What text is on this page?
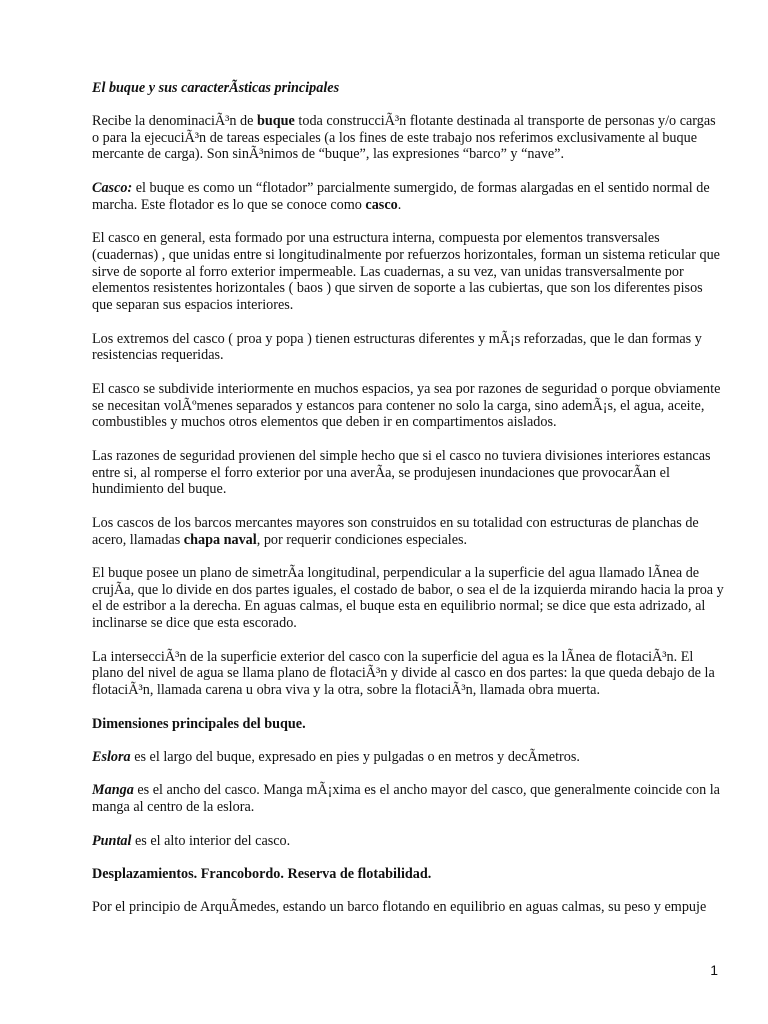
El buque y sus caracterÃsticas principales

Recibe la denominaciÃ³n de buque toda construcciÃ³n flotante destinada al transporte de personas y/o cargas o para la ejecuciÃ³n de tareas especiales (a los fines de este trabajo nos referimos exclusivamente al buque mercante de carga). Son sinÃ³nimos de “buque”, las expresiones “barco” y “nave”.

Casco: el buque es como un “flotador” parcialmente sumergido, de formas alargadas en el sentido normal de marcha. Este flotador es lo que se conoce como casco.

El casco en general, esta formado por una estructura interna, compuesta por elementos transversales (cuadernas) , que unidas entre si longitudinalmente por refuerzos horizontales, forman un sistema reticular que sirve de soporte al forro exterior impermeable. Las cuadernas, a su vez, van unidas transversalmente por elementos resistentes horizontales ( baos ) que sirven de soporte a las cubiertas, que son los diferentes pisos que separan sus espacios interiores.

Los extremos del casco ( proa y popa ) tienen estructuras diferentes y mÃ¡s reforzadas, que le dan formas y resistencias requeridas.

El casco se subdivide interiormente en muchos espacios, ya sea por razones de seguridad o porque obviamente se necesitan volÃºmenes separados y estancos para contener no solo la carga, sino ademÃ¡s, el agua, aceite, combustibles y muchos otros elementos que deben ir en compartimentos aislados.

Las razones de seguridad provienen del simple hecho que si el casco no tuviera divisiones interiores estancas entre si, al romperse el forro exterior por una averÃa, se produjesen inundaciones que provocarÃan el hundimiento del buque.

Los cascos de los barcos mercantes mayores son construidos en su totalidad con estructuras de planchas de acero, llamadas chapa naval, por requerir condiciones especiales.

El buque posee un plano de simetrÃa longitudinal, perpendicular a la superficie del agua llamado lÃnea de crujÃa, que lo divide en dos partes iguales, el costado de babor, o sea el de la izquierda mirando hacia la proa y el de estribor a la derecha. En aguas calmas, el buque esta en equilibrio normal; se dice que esta adrizado, al inclinarse se dice que esta escorado.

La intersecciÃ³n de la superficie exterior del casco con la superficie del agua es la lÃnea de flotaciÃ³n. El plano del nivel de agua se llama plano de flotaciÃ³n y divide al casco en dos partes: la que queda debajo de la flotaciÃ³n, llamada carena u obra viva y la otra, sobre la flotaciÃ³n, llamada obra muerta.

Dimensiones principales del buque.

Eslora es el largo del buque, expresado en pies y pulgadas o en metros y decÃmetros.

Manga es el ancho del casco. Manga mÃ¡xima es el ancho mayor del casco, que generalmente coincide con la manga al centro de la eslora.

Puntal es el alto interior del casco.

Desplazamientos. Francobordo. Reserva de flotabilidad.

Por el principio de ArquÃmedes, estando un barco flotando en equilibrio en aguas calmas, su peso y empuje

1
